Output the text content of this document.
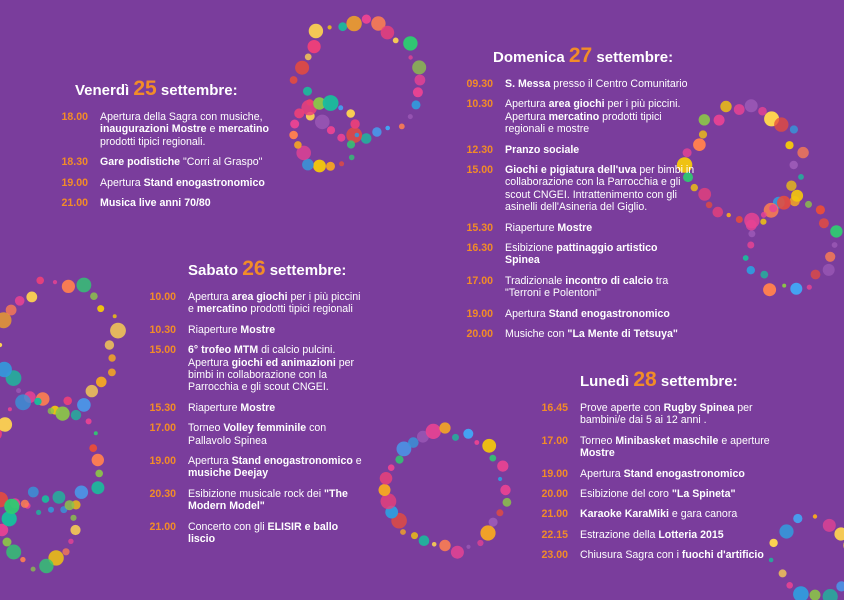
Venerdì 25 settembre:
18.00	Apertura della Sagra con musiche, inaugurazioni Mostre e mercatino prodotti tipici regionali.
18.30	Gare podistiche "Corri al Graspo"
19.00	Apertura Stand enogastronomico
21.00	Musica live anni 70/80
Sabato 26 settembre:
10.00	Apertura area giochi per i più piccini e mercatino prodotti tipici regionali
10.30	Riaperture Mostre
15.00	6° trofeo MTM di calcio pulcini. Apertura giochi ed animazioni per bimbi in collaborazione con la Parrocchia e gli scout CNGEI.
15.30	Riaperture Mostre
17.00	Torneo Volley femminile con Pallavolo Spinea
19.00	Apertura Stand enogastronomico e musiche Deejay
20.30	Esibizione musicale rock dei "The Modern Model"
21.00	Concerto con gli ELISIR e ballo liscio
Domenica 27 settembre:
09.30	S. Messa presso il Centro Comunitario
10.30	Apertura area giochi per i più piccini. Apertura mercatino prodotti tipici regionali e mostre
12.30	Pranzo sociale
15.00	Giochi e pigiatura dell'uva per bimbi in collaborazione con la Parrocchia e gli scout CNGEI. Intrattenimento con gli asinelli dell'Asineria del Giglio.
15.30	Riaperture Mostre
16.30	Esibizione pattinaggio artistico Spinea
17.00	Tradizionale incontro di calcio tra "Terroni e Polentoni"
19.00	Apertura Stand enogastronomico
20.00	Musiche con "La Mente di Tetsuya"
Lunedì 28 settembre:
16.45	Prove aperte con Rugby Spinea per bambini/e dai 5 ai 12 anni .
17.00	Torneo Minibasket maschile e aperture Mostre
19.00	Apertura Stand enogastronomico
20.00	Esibizione del coro "La Spineta"
21.00	Karaoke KaraMiki e gara canora
22.15	Estrazione della Lotteria 2015
23.00	Chiusura Sagra con i fuochi d'artificio
